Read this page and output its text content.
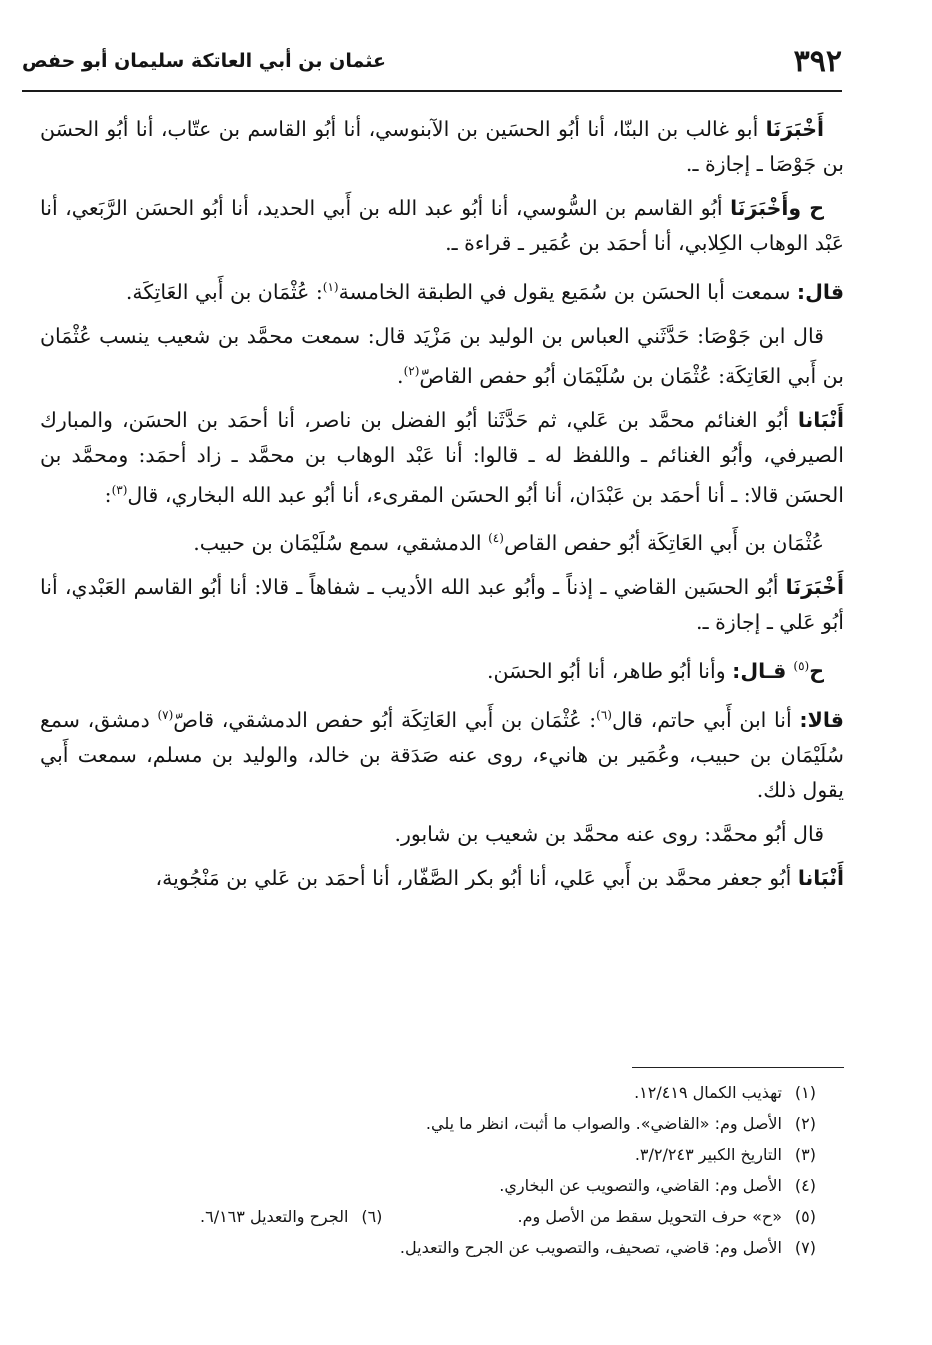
٣٩٢
عثمان بن أبي العاتكة سليمان أبو حفص

أَخْبَرَنَا أبو غالب بن البنّا، أنا أبُو الحسَين بن الآبنوسي، أنا أبُو القاسم بن عتّاب، أنا أبُو الحسَن بن جَوْصَا ـ إجازة ـ.

ح وأَخْبَرَنَا أبُو القاسم بن السُّوسي، أنا أبُو عبد الله بن أَبي الحديد، أنا أبُو الحسَن الرَّبَعي، أنا عَبْد الوهاب الكِلابي، أنا أحمَد بن عُمَير ـ قراءة ـ.

قال: سمعت أبا الحسَن بن سُمَيع يقول في الطبقة الخامسة$^{(١)}$: عُثْمَان بن أَبي العَاتِكَة.

قال ابن جَوْصَا: حَدَّثَني العباس بن الوليد بن مَزْيَد قال: سمعت محمَّد بن شعيب ينسب عُثْمَان بن أَبي العَاتِكَة: عُثْمَان بن سُلَيْمَان أبُو حفص القاصّ$^{(٢)}$.

أَنْبَانا أبُو الغنائم محمَّد بن عَلي، ثم حَدَّثَنا أبُو الفضل بن ناصر، أنا أحمَد بن الحسَن، والمبارك الصيرفي، وأبُو الغنائم ـ واللفظ له ـ قالوا: أنا عَبْد الوهاب بن محمَّد ـ زاد أحمَد: ومحمَّد بن الحسَن قالا: ـ أنا أحمَد بن عَبْدَان، أنا أبُو الحسَن المقرىء، أنا أبُو عبد الله البخاري، قال$^{(٣)}$:

عُثْمَان بن أَبي العَاتِكَة أبُو حفص القاص$^{(٤)}$ الدمشقي، سمع سُلَيْمَان بن حبيب.

أَخْبَرَنَا أبُو الحسَين القاضي ـ إذناً ـ وأبُو عبد الله الأديب ـ شفاهاً ـ قالا: أنا أبُو القاسم العَبْدي، أنا أبُو عَلي ـ إجازة ـ.

ح$^{(٥)}$ قـال: وأنا أبُو طاهر، أنا أبُو الحسَن.

قالا: أنا ابن أَبي حاتم، قال$^{(٦)}$: عُثْمَان بن أَبي العَاتِكَة أبُو حفص الدمشقي، قاصّ$^{(٧)}$ دمشق، سمع سُلَيْمَان بن حبيب، وعُمَير بن هانيء، روى عنه صَدَقة بن خالد، والوليد بن مسلم، سمعت أَبي يقول ذلك.

قال أبُو محمَّد: روى عنه محمَّد بن شعيب بن شابور.

أَنْبَانا أبُو جعفر محمَّد بن أَبي عَلي، أنا أبُو بكر الصَّفّار، أنا أحمَد بن عَلي بن مَنْجُوية،

(١)تهذيب الكمال ١٢/٤١٩.
(٢)الأصل وم: «القاضي». والصواب ما أثبت، انظر ما يلي.
(٣)التاريخ الكبير ٣/٢/٢٤٣.
(٤)الأصل وم: القاضي، والتصويب عن البخاري.
(٥)«ح» حرف التحويل سقط من الأصل وم.
(٦)الجرح والتعديل ٦/١٦٣.
(٧)الأصل وم: قاضي، تصحيف، والتصويب عن الجرح والتعديل.
